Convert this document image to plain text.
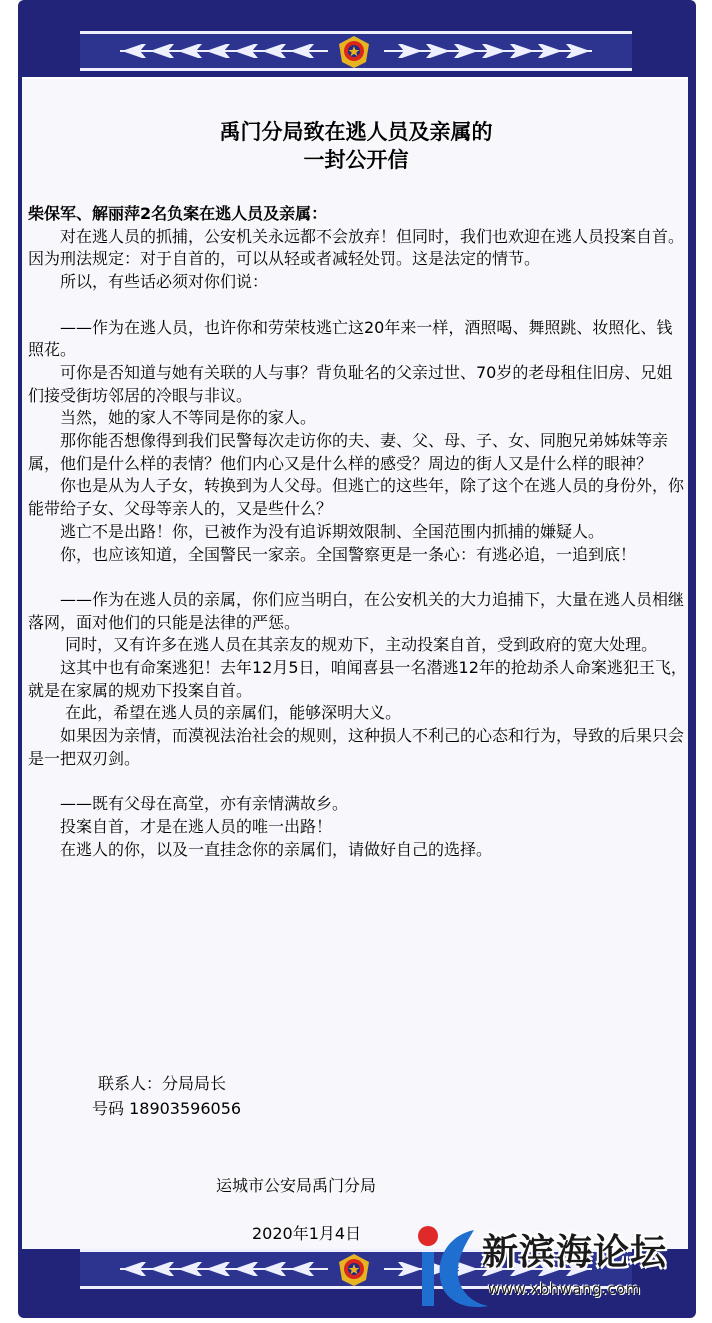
禹门分局致在逃人员及亲属的
一封公开信

柴保军、解丽萍2名负案在逃人员及亲属：

　　对在逃人员的抓捕，公安机关永远都不会放弃！但同时，我们也欢迎在逃人员投案自首。因为刑法规定：对于自首的，可以从轻或者减轻处罚。这是法定的情节。

　　所以，有些话必须对你们说：

　　——作为在逃人员，也许你和劳荣枝逃亡这20年来一样，酒照喝、舞照跳、妆照化、钱照花。

　　可你是否知道与她有关联的人与事？背负耻名的父亲过世、70岁的老母租住旧房、兄姐们接受街坊邻居的冷眼与非议。

　　当然，她的家人不等同是你的家人。

　　那你能否想像得到我们民警每次走访你的夫、妻、父、母、子、女、同胞兄弟姊妹等亲属，他们是什么样的表情？他们内心又是什么样的感受？周边的街人又是什么样的眼神？

　　你也是从为人子女，转换到为人父母。但逃亡的这些年，除了这个在逃人员的身份外，你能带给子女、父母等亲人的，又是些什么？

　　逃亡不是出路！你，已被作为没有追诉期效限制、全国范围内抓捕的嫌疑人。

　　你，也应该知道，全国警民一家亲。全国警察更是一条心：有逃必追，一追到底！

　　——作为在逃人员的亲属，你们应当明白，在公安机关的大力追捕下，大量在逃人员相继落网，面对他们的只能是法律的严惩。

　　 同时，又有许多在逃人员在其亲友的规劝下，主动投案自首，受到政府的宽大处理。

　　这其中也有命案逃犯！去年12月5日，咱闻喜县一名潜逃12年的抢劫杀人命案逃犯王飞，就是在家属的规劝下投案自首。

　　 在此，希望在逃人员的亲属们，能够深明大义。

　　如果因为亲情，而漠视法治社会的规则，这种损人不利己的心态和行为，导致的后果只会是一把双刃剑。

　　——既有父母在高堂，亦有亲情满故乡。

　　投案自首，才是在逃人员的唯一出路！

　　在逃人的你，以及一直挂念你的亲属们，请做好自己的选择。

联系人：分局局长
号码 18903596056
运城市公安局禹门分局
2020年1月4日	新滨海论坛
www.xbhwang.com
